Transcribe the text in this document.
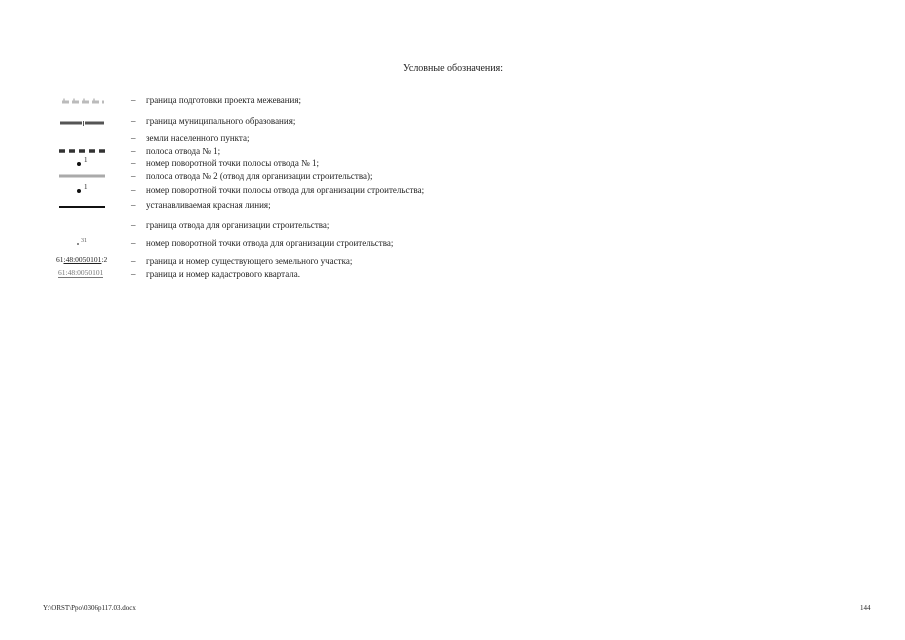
Условные обозначения:
– граница подготовки проекта межевания;
– граница муниципального образования;
– земли населенного пункта;
– полоса отвода № 1;
1	– номер поворотной точки полосы отвода № 1;
– полоса отвода № 2 (отвод для организации строительства);
1	– номер поворотной точки полосы отвода для организации строительства;
– устанавливаемая красная линия;
– граница отвода для организации строительства;
31	– номер поворотной точки отвода для организации строительства;
61:48:0050101:2	– граница и номер существующего земельного участка;
61:48:0050101	– граница и номер кадастрового квартала.
Y:\ORST\Ppo\0306p117.03.docx	144
